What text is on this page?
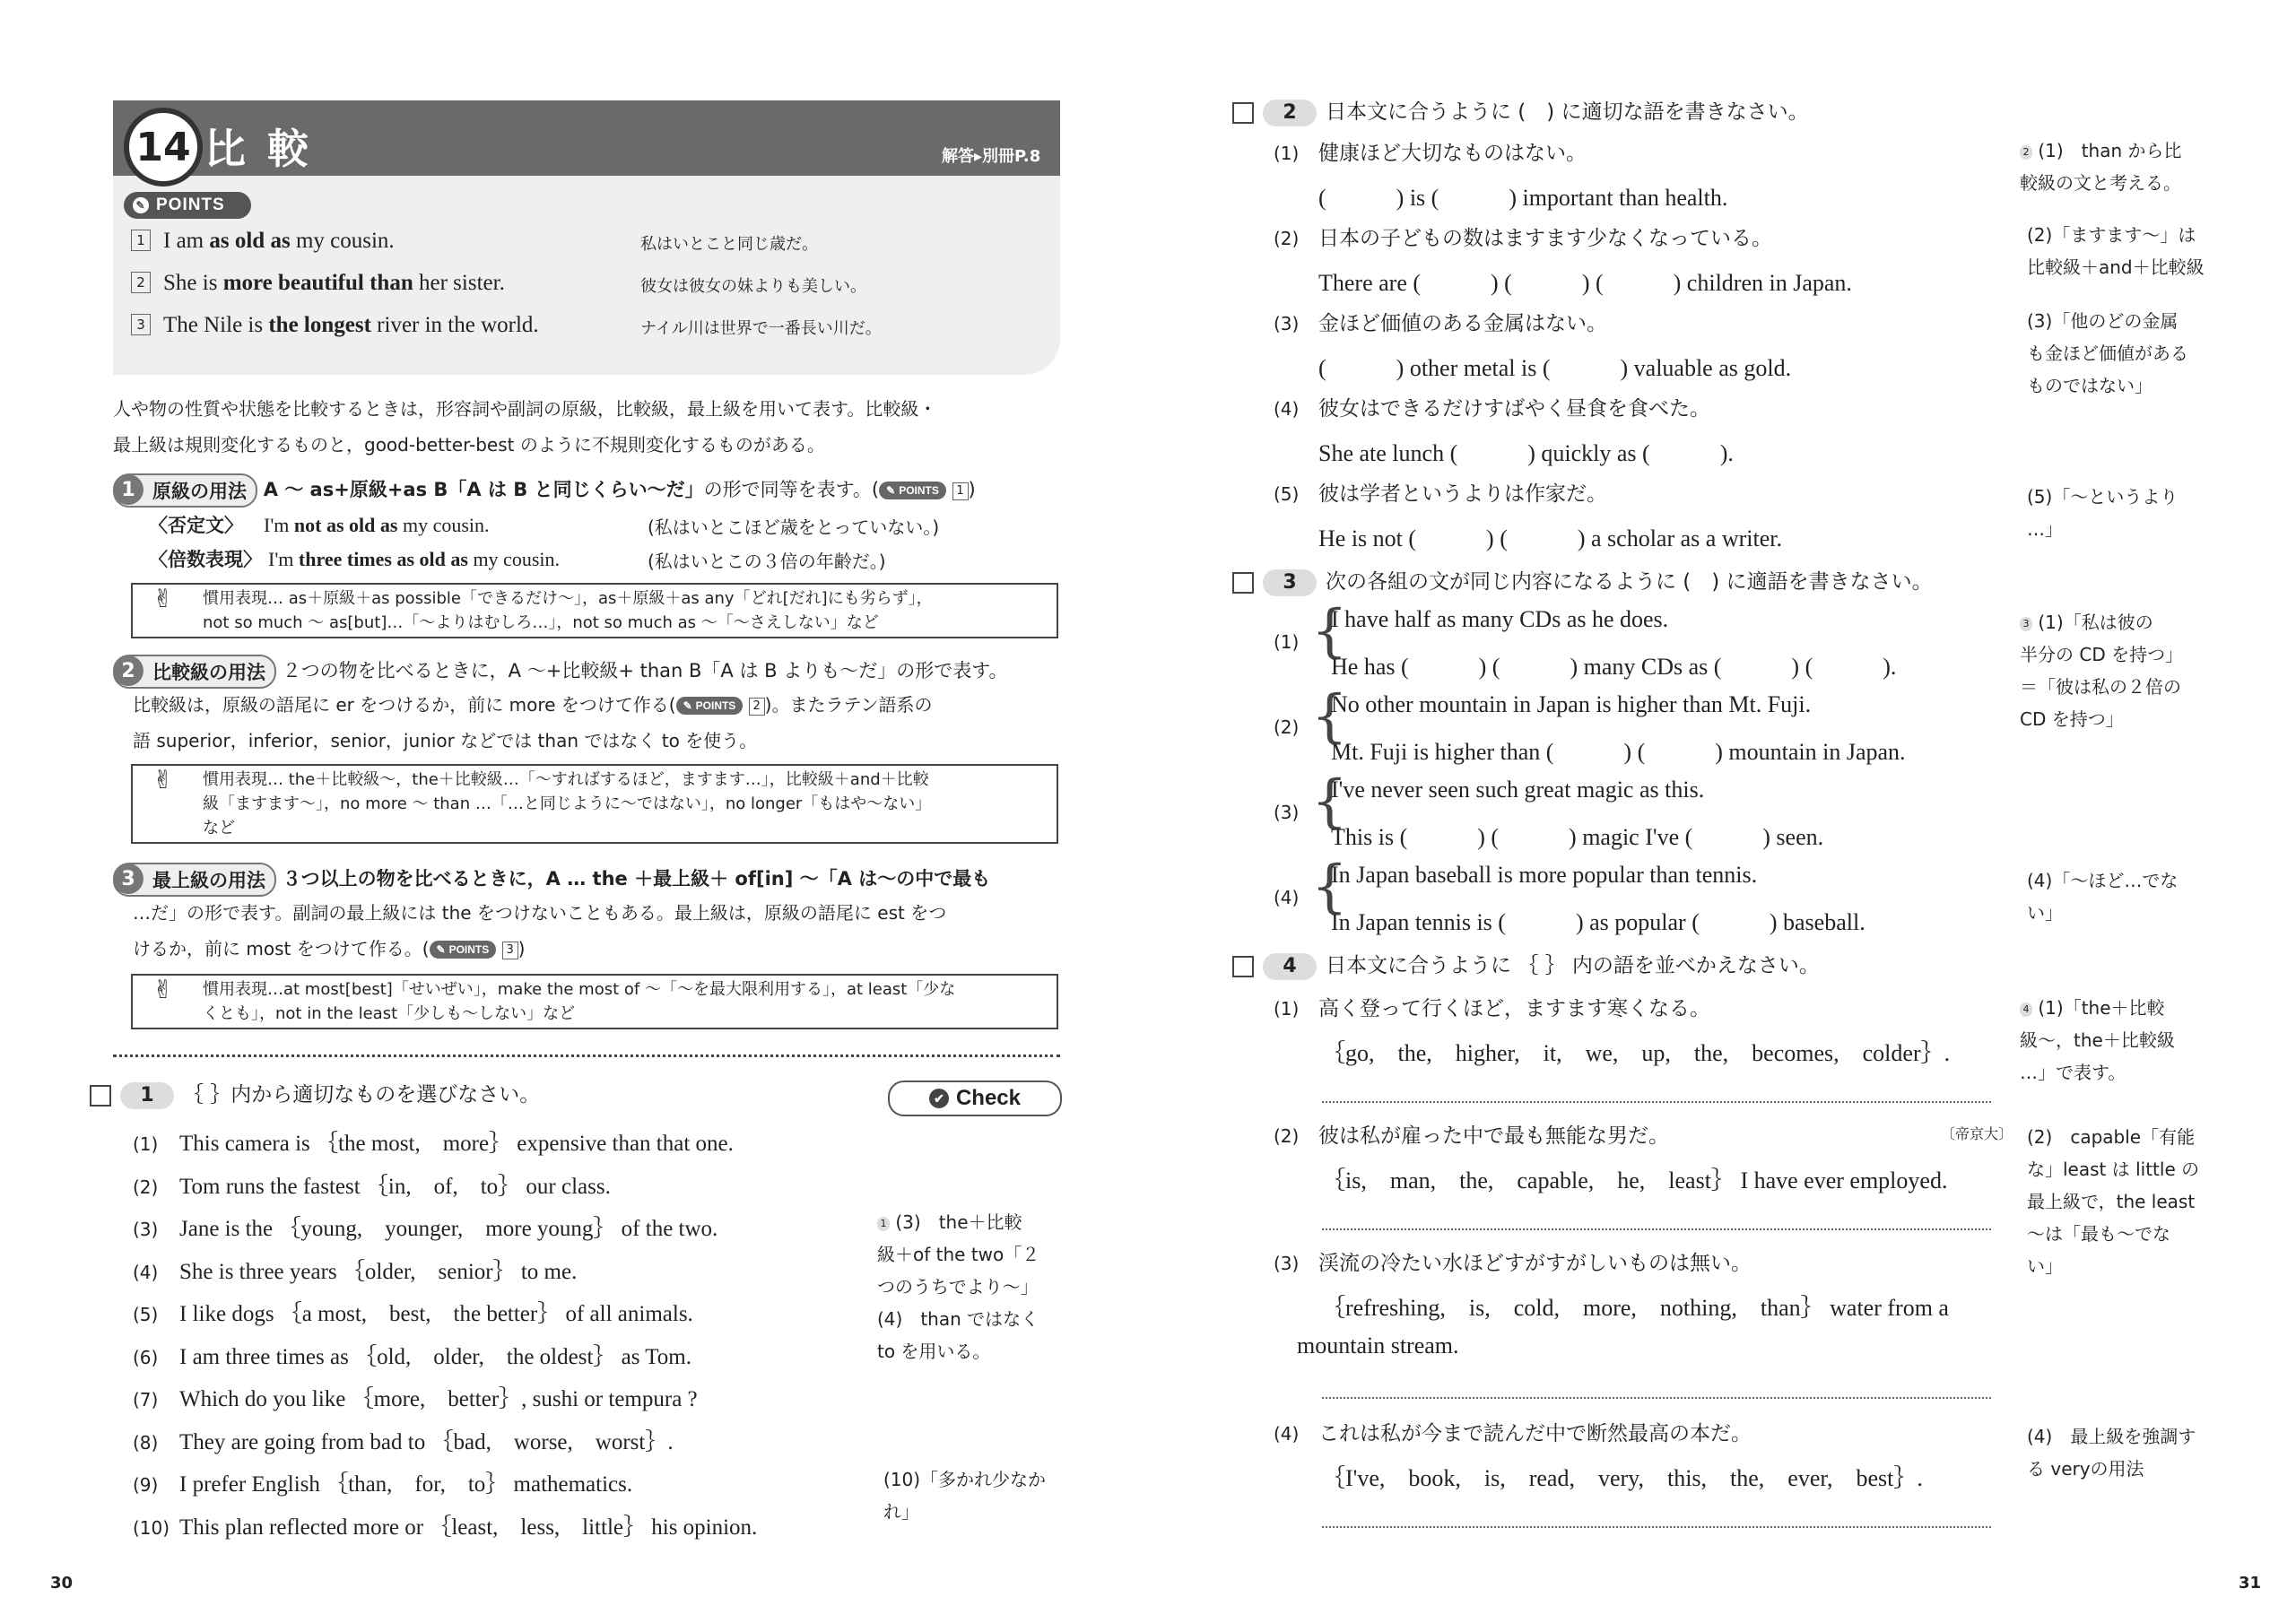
14 比較	解答▸別冊P.8
✎ POINTS
1 I am as old as my cousin.	私はいとこと同じ歳だ。
2 She is more beautiful than her sister.	彼女は彼女の妹よりも美しい。
3 The Nile is the longest river in the world.	ナイル川は世界で一番長い川だ。
人や物の性質や状態を比較するときは，形容詞や副詞の原級，比較級，最上級を用いて表す。比較級・
最上級は規則変化するものと，good-better-best のように不規則変化するものがある。
1 原級の用法 A 〜 as+原級+as B「A は B と同じくらい〜だ」の形で同等を表す。( ✎ POINTS 1 )
〈否定文〉 I'm not as old as my cousin.	(私はいとこほど歳をとっていない。)
〈倍数表現〉 I'm three times as old as my cousin.	(私はいとこの３倍の年齢だ。)
✌ 慣用表現… as＋原級＋as possible「できるだけ〜」，as＋原級＋as any「どれ[だれ]にも劣らず」，
not so much 〜 as[but]…「〜よりはむしろ…」，not so much as 〜「〜さえしない」など
2 比較級の用法 ２つの物を比べるときに，A 〜+比較級+ than B「A は B よりも〜だ」の形で表す。
比較級は，原級の語尾に er をつけるか，前に more をつけて作る( ✎ POINTS 2 )。またラテン語系の
語 superior，inferior，senior，junior などでは than ではなく to を使う。
✌ 慣用表現… the＋比較級〜，the＋比較級…「〜すればするほど，ますます…」，比較級＋and＋比較
級「ますます〜」，no more 〜 than …「…と同じように〜ではない」，no longer「もはや〜ない」
など
3 最上級の用法 ３つ以上の物を比べるときに，A … the ＋最上級＋ of[in] 〜「A は〜の中で最も
…だ」の形で表す。副詞の最上級には the をつけないこともある。最上級は，原級の語尾に est をつ
けるか，前に most をつけて作る。( ✎ POINTS 3 )
✌ 慣用表現…at most[best]「せいぜい」，make the most of 〜「〜を最大限利用する」，at least「少な
くとも」，not in the least「少しも〜しない」など
1 ｛ ｝内から適切なものを選びなさい。	✔ Check
(1) This camera is ｛the most,　more｝ expensive than that one.
(2) Tom runs the fastest ｛in,　of,　to｝ our class.
(3) Jane is the ｛young,　younger,　more young｝ of the two.
(4) She is three years ｛older,　senior｝ to me.
(5) I like dogs ｛a most,　best,　the better｝ of all animals.
(6) I am three times as ｛old,　older,　the oldest｝ as Tom.
(7) Which do you like ｛more,　better｝, sushi or tempura ?
(8) They are going from bad to ｛bad,　worse,　worst｝.
(9) I prefer English ｛than,　for,　to｝ mathematics.
(10) This plan reflected more or ｛least,　less,　little｝ his opinion.
1 (3)　the＋比較
級＋of the two「２
つのうちでより〜」
(4)　than ではなく
to を用いる。
(10)「多かれ少なか
れ」
30
2 日本文に合うように (　) に適切な語を書きなさい。
(1) 健康ほど大切なものはない。
(　　　) is (　　　) important than health.
(2) 日本の子どもの数はますます少なくなっている。
There are (　　　) (　　　) (　　　) children in Japan.
(3) 金ほど価値のある金属はない。
(　　　) other metal is (　　　) valuable as gold.
(4) 彼女はできるだけすばやく昼食を食べた。
She ate lunch (　　　) quickly as (　　　).
(5) 彼は学者というよりは作家だ。
He is not (　　　) (　　　) a scholar as a writer.
2 (1)　than から比
較級の文と考える。
(2)「ますます〜」は
比較級＋and＋比較級
(3)「他のどの金属
も金ほど価値がある
ものではない」
(5)「〜というより
…」
3 次の各組の文が同じ内容になるように (　) に適語を書きなさい。
(1) {
I have half as many CDs as he does.
He has (　　　) (　　　) many CDs as (　　　) (　　　).
(2) {
No other mountain in Japan is higher than Mt. Fuji.
Mt. Fuji is higher than (　　　) (　　　) mountain in Japan.
(3) {
I've never seen such great magic as this.
This is (　　　) (　　　) magic I've (　　　) seen.
(4) {
In Japan baseball is more popular than tennis.
In Japan tennis is (　　　) as popular (　　　) baseball.
3 (1)「私は彼の
半分の CD を持つ」
＝「彼は私の２倍の
CD を持つ」
(4)「〜ほど…でな
い」
4 日本文に合うように ｛ ｝ 内の語を並べかえなさい。
(1) 高く登って行くほど，ますます寒くなる。
｛go,　the,　higher,　it,　we,　up,　the,　becomes,　colder｝.
(2) 彼は私が雇った中で最も無能な男だ。	〔帝京大〕
｛is,　man,　the,　capable,　he,　least｝ I have ever employed.
(3) 渓流の冷たい水ほどすがすがしいものは無い。
｛refreshing,　is,　cold,　more,　nothing,　than｝ water from a
mountain stream.
(4) これは私が今まで読んだ中で断然最高の本だ。
｛I've,　book,　is,　read,　very,　this,　the,　ever,　best｝.
4 (1)「the＋比較
級〜，the＋比較級
…」で表す。
(2)　capable「有能
な」least は little の
最上級で，the least
〜は「最も〜でな
い」
(4)　最上級を強調す
る veryの用法
31
